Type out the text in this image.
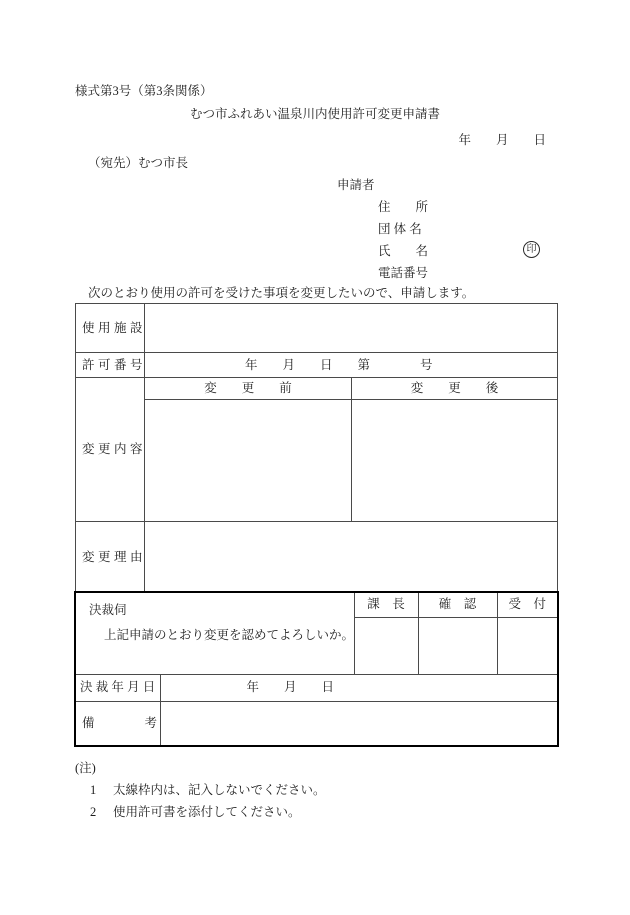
様式第3号（第3条関係）
むつ市ふれあい温泉川内使用許可変更申請書
年　　月　　日
（宛先）むつ市長
申請者
住　　所
団 体 名
氏　　名
電話番号
印
次のとおり使用の許可を受けた事項を変更したいので、申請します。
使用施設		
許可番号	年　　月　　日　　第　　　　号	
変更内容	変　　更　　前	変　　更　　後

変更理由		
決裁伺
上記申請のとおり変更を認めてよろしいか。		課　長	確　認	受　付

決裁年月日	年　　月　　日			
備　　　　考				
(注)
1	太線枠内は、記入しないでください。
2	使用許可書を添付してください。
